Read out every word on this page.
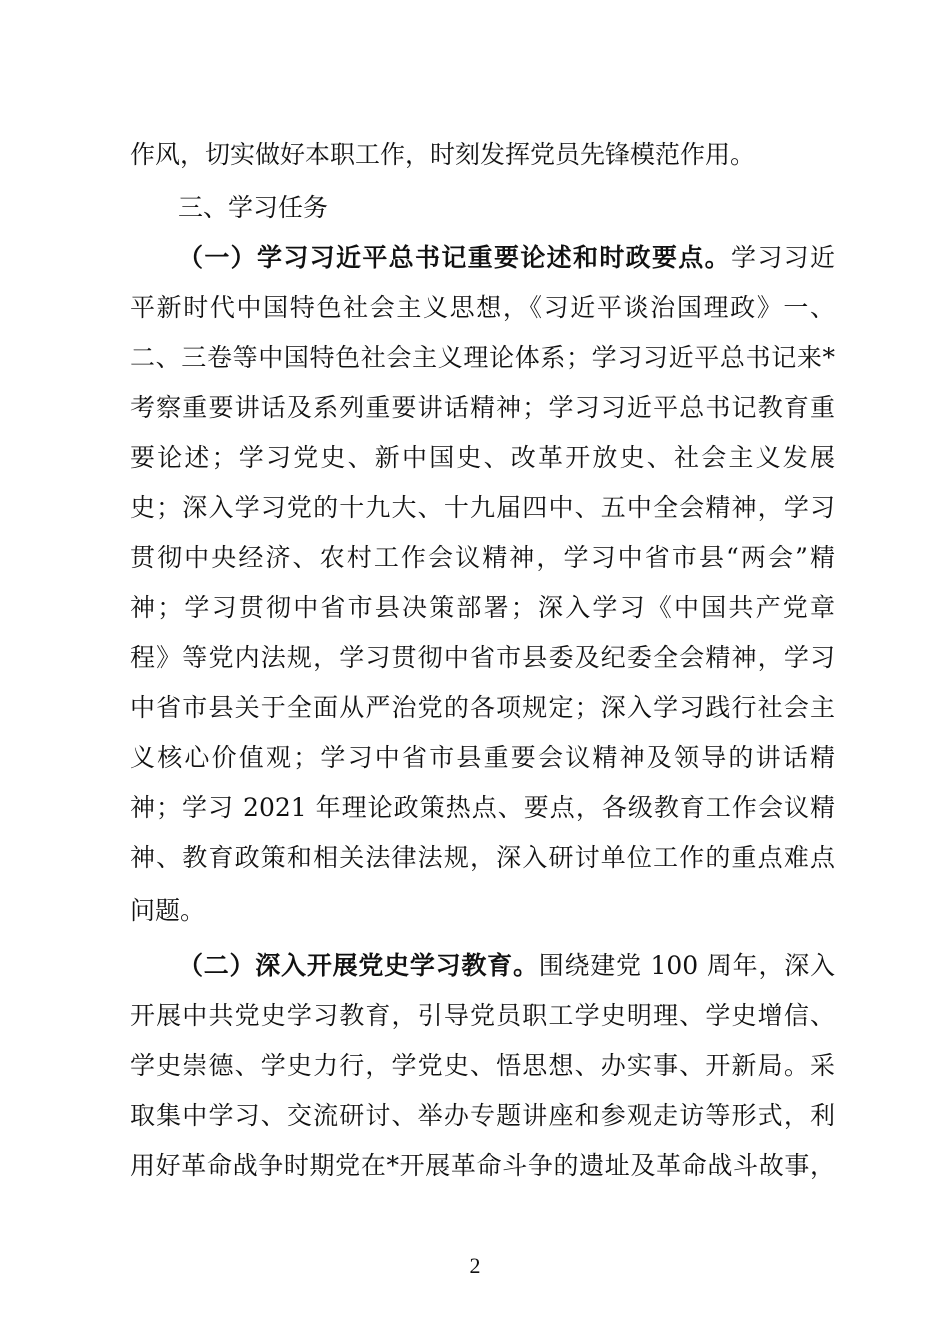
作风，切实做好本职工作，时刻发挥党员先锋模范作用。
三、学习任务
（一）学习习近平总书记重要论述和时政要点。学习习近
平新时代中国特色社会主义思想，《习近平谈治国理政》一、
二、三卷等中国特色社会主义理论体系；学习习近平总书记来*
考察重要讲话及系列重要讲话精神；学习习近平总书记教育重
要论述；学习党史、新中国史、改革开放史、社会主义发展
史；深入学习党的十九大、十九届四中、五中全会精神，学习
贯彻中央经济、农村工作会议精神，学习中省市县“两会”精
神；学习贯彻中省市县决策部署；深入学习《中国共产党章
程》等党内法规，学习贯彻中省市县委及纪委全会精神，学习
中省市县关于全面从严治党的各项规定；深入学习践行社会主
义核心价值观；学习中省市县重要会议精神及领导的讲话精
神；学习 2021 年理论政策热点、要点，各级教育工作会议精
神、教育政策和相关法律法规，深入研讨单位工作的重点难点
问题。
（二）深入开展党史学习教育。围绕建党 100 周年，深入
开展中共党史学习教育，引导党员职工学史明理、学史增信、
学史崇德、学史力行，学党史、悟思想、办实事、开新局。采
取集中学习、交流研讨、举办专题讲座和参观走访等形式，利
用好革命战争时期党在*开展革命斗争的遗址及革命战斗故事，
2
